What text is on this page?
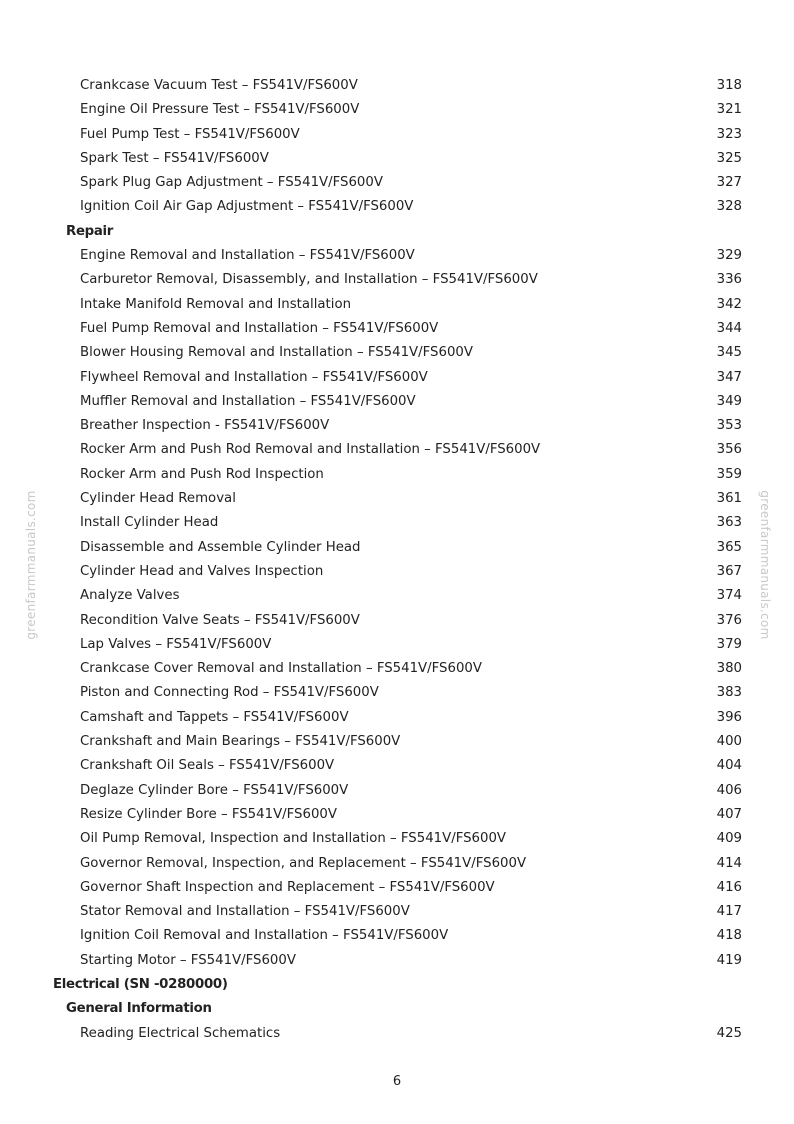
Crankcase Vacuum Test – FS541V/FS600V	318
Engine Oil Pressure Test – FS541V/FS600V	321
Fuel Pump Test – FS541V/FS600V	323
Spark Test – FS541V/FS600V	325
Spark Plug Gap Adjustment – FS541V/FS600V	327
Ignition Coil Air Gap Adjustment – FS541V/FS600V	328
Repair
Engine Removal and Installation – FS541V/FS600V	329
Carburetor Removal, Disassembly, and Installation – FS541V/FS600V	336
Intake Manifold Removal and Installation	342
Fuel Pump Removal and Installation – FS541V/FS600V	344
Blower Housing Removal and Installation – FS541V/FS600V	345
Flywheel Removal and Installation – FS541V/FS600V	347
Muffler Removal and Installation – FS541V/FS600V	349
Breather Inspection - FS541V/FS600V	353
Rocker Arm and Push Rod Removal and Installation – FS541V/FS600V	356
Rocker Arm and Push Rod Inspection	359
Cylinder Head Removal	361
Install Cylinder Head	363
Disassemble and Assemble Cylinder Head	365
Cylinder Head and Valves Inspection	367
Analyze Valves	374
Recondition Valve Seats – FS541V/FS600V	376
Lap Valves – FS541V/FS600V	379
Crankcase Cover Removal and Installation – FS541V/FS600V	380
Piston and Connecting Rod – FS541V/FS600V	383
Camshaft and Tappets – FS541V/FS600V	396
Crankshaft and Main Bearings – FS541V/FS600V	400
Crankshaft Oil Seals – FS541V/FS600V	404
Deglaze Cylinder Bore – FS541V/FS600V	406
Resize Cylinder Bore – FS541V/FS600V	407
Oil Pump Removal, Inspection and Installation – FS541V/FS600V	409
Governor Removal, Inspection, and Replacement – FS541V/FS600V	414
Governor Shaft Inspection and Replacement – FS541V/FS600V	416
Stator Removal and Installation – FS541V/FS600V	417
Ignition Coil Removal and Installation – FS541V/FS600V	418
Starting Motor – FS541V/FS600V	419
Electrical (SN -0280000)
General Information
Reading Electrical Schematics	425
greenfarmmanuals.com	greenfarmmanuals.com
6
